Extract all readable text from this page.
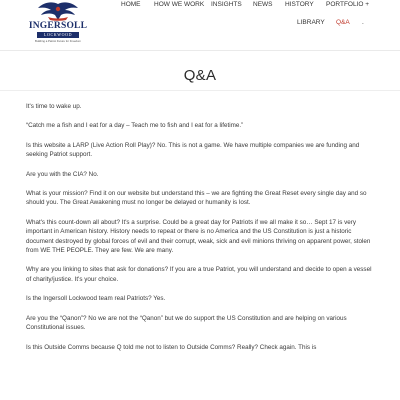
INGERSOLL
LOCKWOOD
Building a Patriot Future for Freedom
HOME HOW WE WORK INSIGHTS NEWS HISTORY PORTFOLIO +
LIBRARY Q&A .
Q&A

It's time to wake up.

“Catch me a fish and I eat for a day – Teach me to fish and I eat for a lifetime.”

Is this website a LARP (Live Action Roll Play)? No. This is not a game. We have multiple companies we are funding and seeking Patriot support.

Are you with the CIA? No.

What is your mission? Find it on our website but understand this – we are fighting the Great Reset every single day and so should you. The Great Awakening must no longer be delayed or humanity is lost.

What's this count-down all about? It's a surprise. Could be a great day for Patriots if we all make it so… Sept 17 is very important in American history. History needs to repeat or there is no America and the US Constitution is just a historic document destroyed by global forces of evil and their corrupt, weak, sick and evil minions thriving on apparent power, stolen from WE THE PEOPLE. They are few. We are many.

Why are you linking to sites that ask for donations? If you are a true Patriot, you will understand and decide to open a vessel of charity/justice. It's your choice.

Is the Ingersoll Lockwood team real Patriots? Yes.

Are you the “Qanon”? No we are not the “Qanon” but we do support the US Constitution and are helping on various Constitutional issues.

Is this Outside Comms because Q told me not to listen to Outside Comms? Really? Check again. This is
